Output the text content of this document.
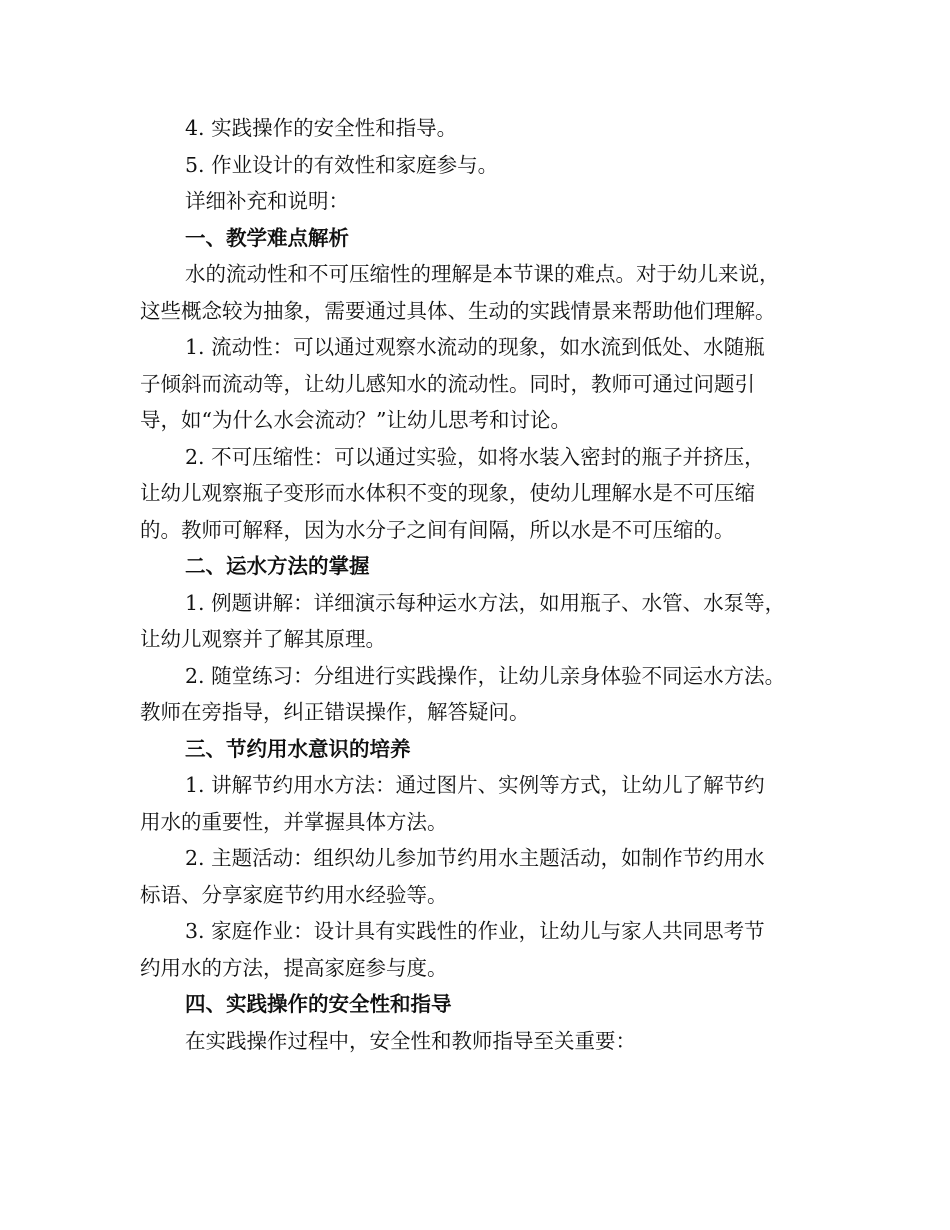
4. 实践操作的安全性和指导。

5. 作业设计的有效性和家庭参与。

详细补充和说明：

一、教学难点解析

水的流动性和不可压缩性的理解是本节课的难点。对于幼儿来说，

这些概念较为抽象，需要通过具体、生动的实践情景来帮助他们理解。

1. 流动性：可以通过观察水流动的现象，如水流到低处、水随瓶

子倾斜而流动等，让幼儿感知水的流动性。同时，教师可通过问题引

导，如“为什么水会流动？”让幼儿思考和讨论。

2. 不可压缩性：可以通过实验，如将水装入密封的瓶子并挤压，

让幼儿观察瓶子变形而水体积不变的现象，使幼儿理解水是不可压缩

的。教师可解释，因为水分子之间有间隔，所以水是不可压缩的。

二、运水方法的掌握

1. 例题讲解：详细演示每种运水方法，如用瓶子、水管、水泵等，

让幼儿观察并了解其原理。

2. 随堂练习：分组进行实践操作，让幼儿亲身体验不同运水方法。

教师在旁指导，纠正错误操作，解答疑问。

三、节约用水意识的培养

1. 讲解节约用水方法：通过图片、实例等方式，让幼儿了解节约

用水的重要性，并掌握具体方法。

2. 主题活动：组织幼儿参加节约用水主题活动，如制作节约用水

标语、分享家庭节约用水经验等。

3. 家庭作业：设计具有实践性的作业，让幼儿与家人共同思考节

约用水的方法，提高家庭参与度。

四、实践操作的安全性和指导

在实践操作过程中，安全性和教师指导至关重要：
